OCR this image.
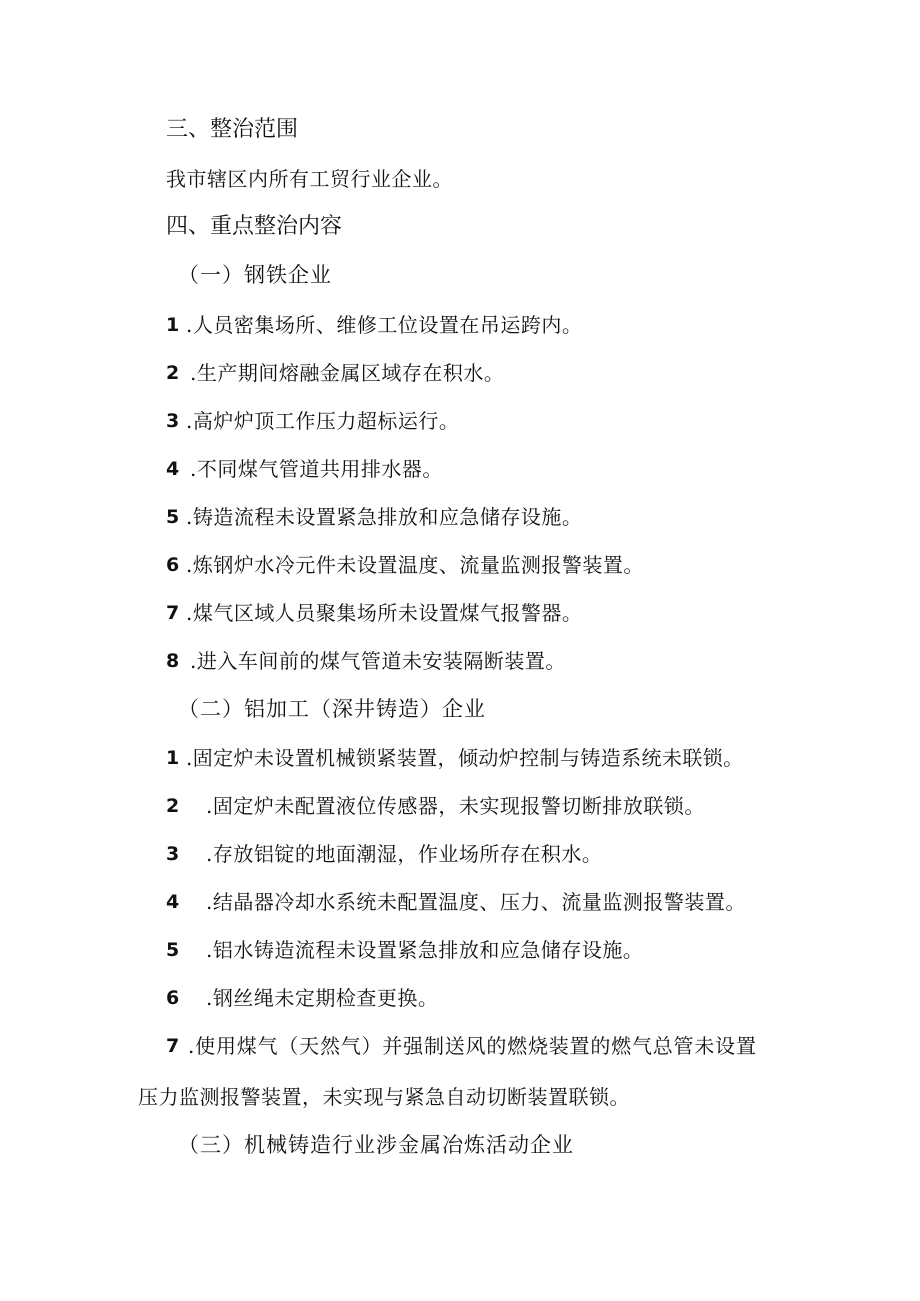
三、整治范围
我市辖区内所有工贸行业企业。
四、重点整治内容
（一）钢铁企业
1 .人员密集场所、维修工位设置在吊运跨内。
2 .生产期间熔融金属区域存在积水。
3 .高炉炉顶工作压力超标运行。
4 .不同煤气管道共用排水器。
5 .铸造流程未设置紧急排放和应急储存设施。
6 .炼钢炉水冷元件未设置温度、流量监测报警装置。
7 .煤气区域人员聚集场所未设置煤气报警器。
8 .进入车间前的煤气管道未安装隔断装置。
（二）铝加工（深井铸造）企业
1 .固定炉未设置机械锁紧装置，倾动炉控制与铸造系统未联锁。
2 .固定炉未配置液位传感器，未实现报警切断排放联锁。
3 .存放铝锭的地面潮湿，作业场所存在积水。
4 .结晶器冷却水系统未配置温度、压力、流量监测报警装置。
5 .铝水铸造流程未设置紧急排放和应急储存设施。
6 .钢丝绳未定期检查更换。
7 .使用煤气（天然气）并强制送风的燃烧装置的燃气总管未设置
压力监测报警装置，未实现与紧急自动切断装置联锁。
（三）机械铸造行业涉金属冶炼活动企业
